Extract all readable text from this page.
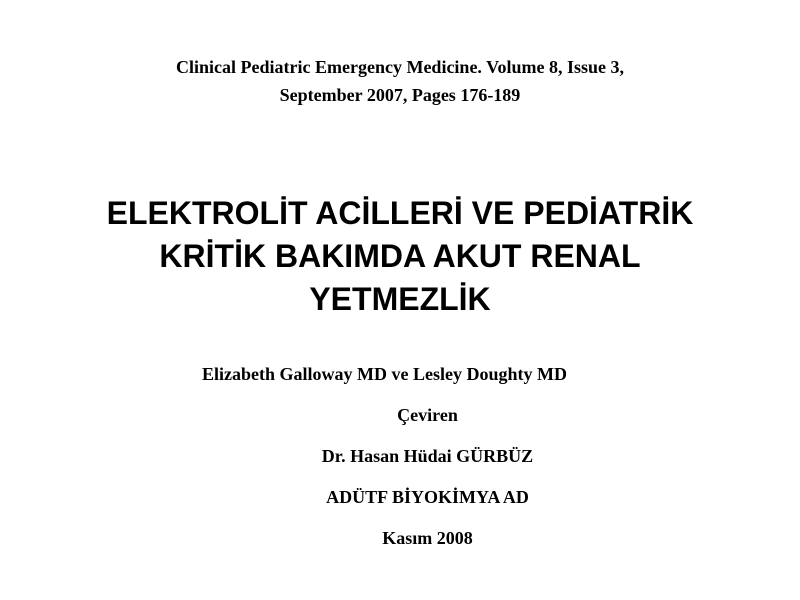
Clinical Pediatric Emergency Medicine. Volume 8, Issue 3,
September 2007, Pages 176-189
ELEKTROLİT ACİLLERİ VE PEDİATRİK
KRİTİK BAKIMDA AKUT RENAL
YETMEZLİK
Elizabeth Galloway MD ve Lesley Doughty MD
Çeviren
Dr. Hasan Hüdai GÜRBÜZ
ADÜTF BİYOKİMYA AD
Kasım 2008
